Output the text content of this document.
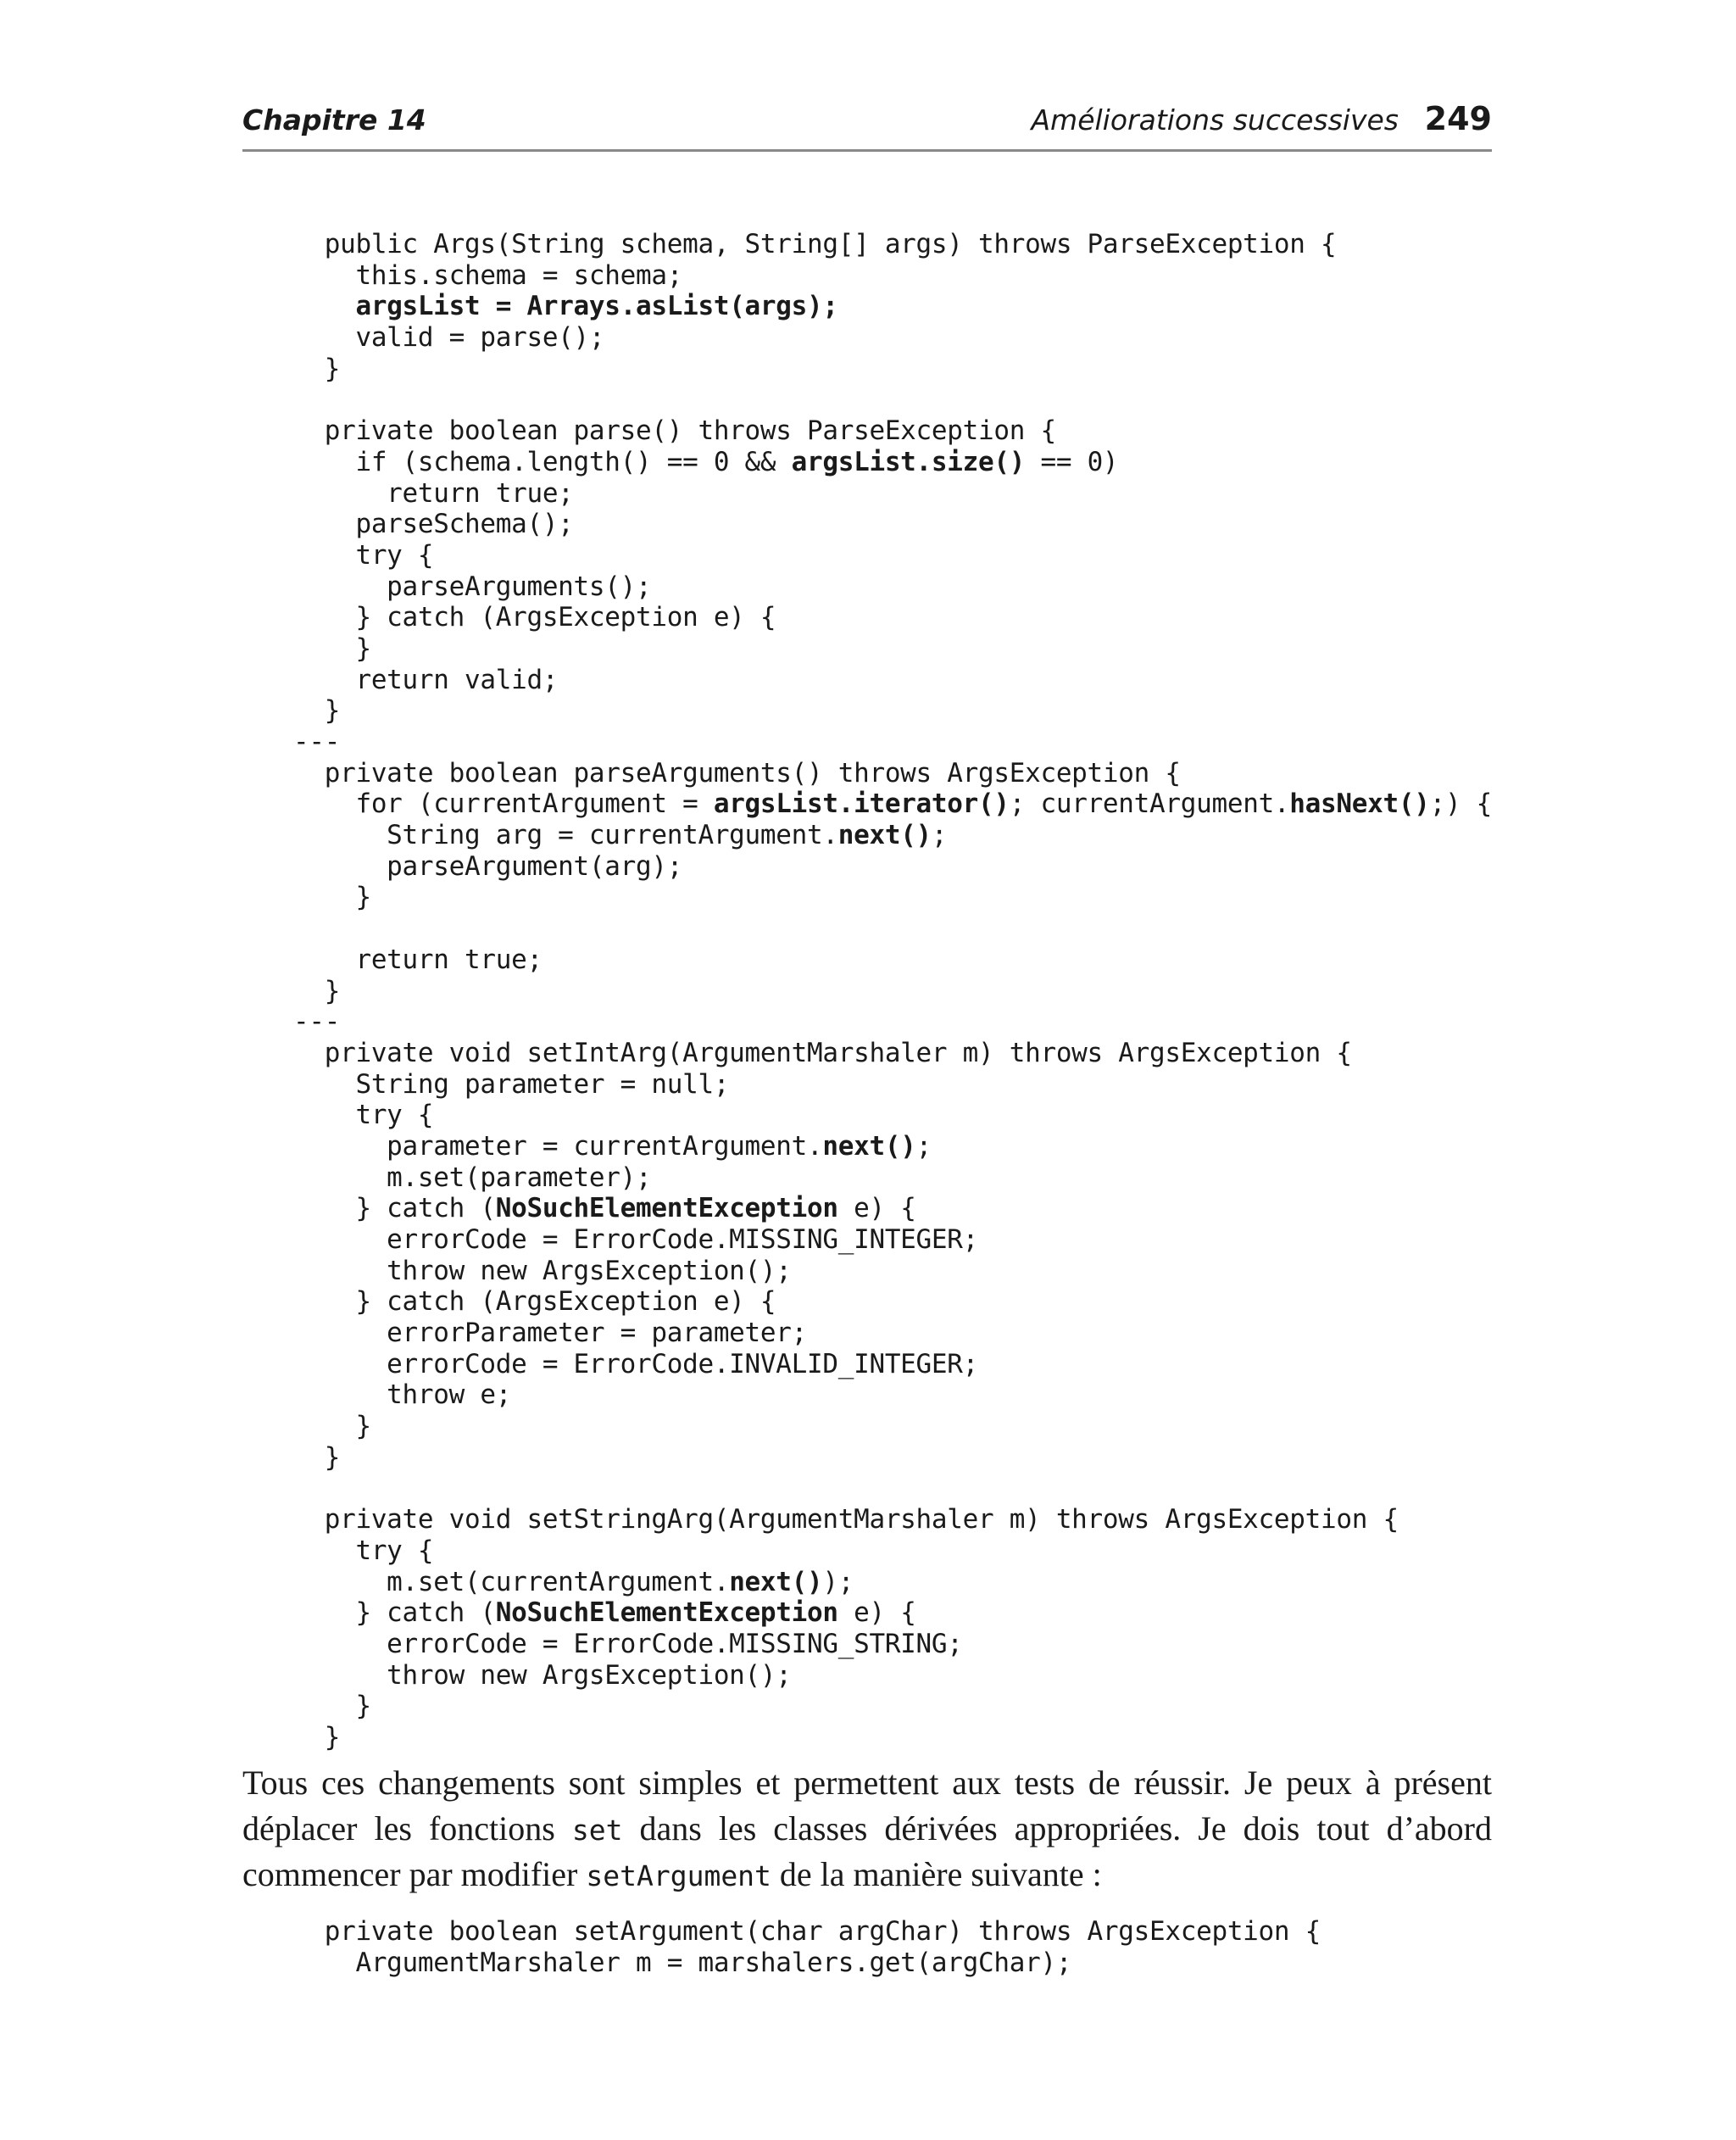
Chapitre 14	Améliorations successives 249
public Args(String schema, String[] args) throws ParseException {
this.schema = schema;
argsList = Arrays.asList(args);
valid = parse();
}

private boolean parse() throws ParseException {
if (schema.length() == 0 && argsList.size() == 0)
return true;
parseSchema();
try {
parseArguments();
} catch (ArgsException e) {
}
return valid;
}
---
private boolean parseArguments() throws ArgsException {
for (currentArgument = argsList.iterator(); currentArgument.hasNext();) {
String arg = currentArgument.next();
parseArgument(arg);
}

return true;
}
---
private void setIntArg(ArgumentMarshaler m) throws ArgsException {
String parameter = null;
try {
parameter = currentArgument.next();
m.set(parameter);
} catch (NoSuchElementException e) {
errorCode = ErrorCode.MISSING_INTEGER;
throw new ArgsException();
} catch (ArgsException e) {
errorParameter = parameter;
errorCode = ErrorCode.INVALID_INTEGER;
throw e;
}
}

private void setStringArg(ArgumentMarshaler m) throws ArgsException {
try {
m.set(currentArgument.next());
} catch (NoSuchElementException e) {
errorCode = ErrorCode.MISSING_STRING;
throw new ArgsException();
}
}
Tous ces changements sont simples et permettent aux tests de réussir. Je peux à présent
déplacer les fonctions set dans les classes dérivées appropriées. Je dois tout d’abord
commencer par modifier setArgument de la manière suivante :
private boolean setArgument(char argChar) throws ArgsException {
ArgumentMarshaler m = marshalers.get(argChar);
